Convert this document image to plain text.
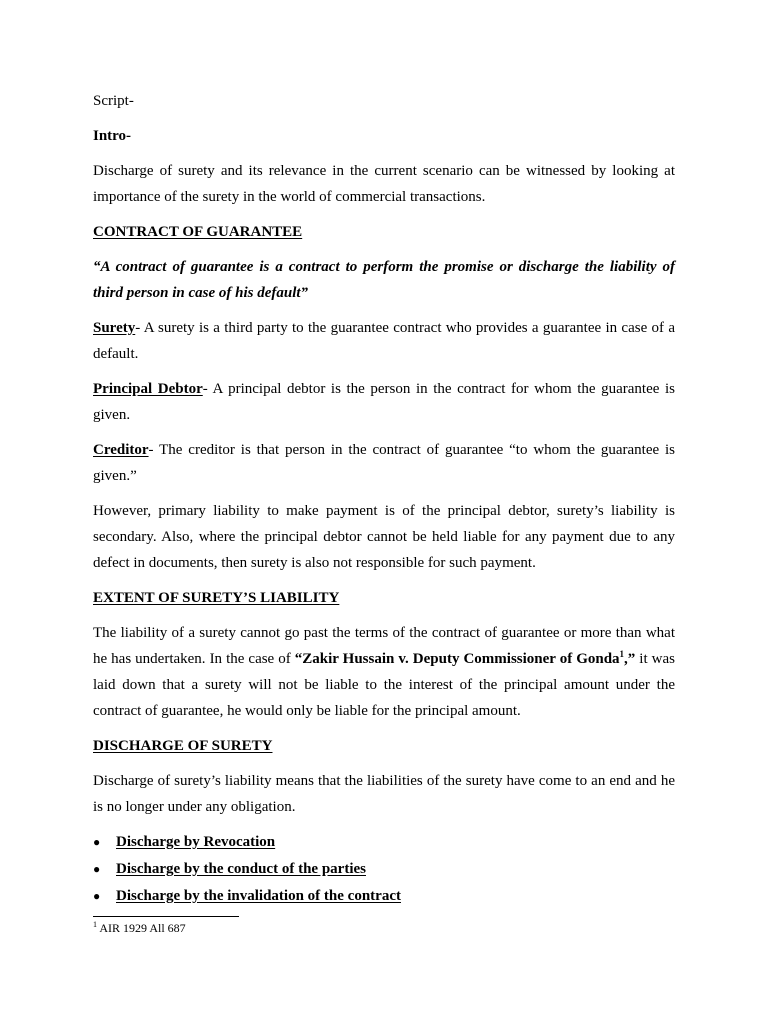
Script-

Intro-

Discharge of surety and its relevance in the current scenario can be witnessed by looking at importance of the surety in the world of commercial transactions.

CONTRACT OF GUARANTEE

“A contract of guarantee is a contract to perform the promise or discharge the liability of third person in case of his default”

Surety- A surety is a third party to the guarantee contract who provides a guarantee in case of a default.

Principal Debtor- A principal debtor is the person in the contract for whom the guarantee is given.

Creditor- The creditor is that person in the contract of guarantee “to whom the guarantee is given.”

However, primary liability to make payment is of the principal debtor, surety’s liability is secondary. Also, where the principal debtor cannot be held liable for any payment due to any defect in documents, then surety is also not responsible for such payment.

EXTENT OF SURETY’S LIABILITY

The liability of a surety cannot go past the terms of the contract of guarantee or more than what he has undertaken. In the case of “Zakir Hussain v. Deputy Commissioner of Gonda$^1$,” it was laid down that a surety will not be liable to the interest of the principal amount under the contract of guarantee, he would only be liable for the principal amount.

DISCHARGE OF SURETY

Discharge of surety’s liability means that the liabilities of the surety have come to an end and he is no longer under any obligation.

● Discharge by Revocation
● Discharge by the conduct of the parties
● Discharge by the invalidation of the contract
$^1$ AIR 1929 All 687
